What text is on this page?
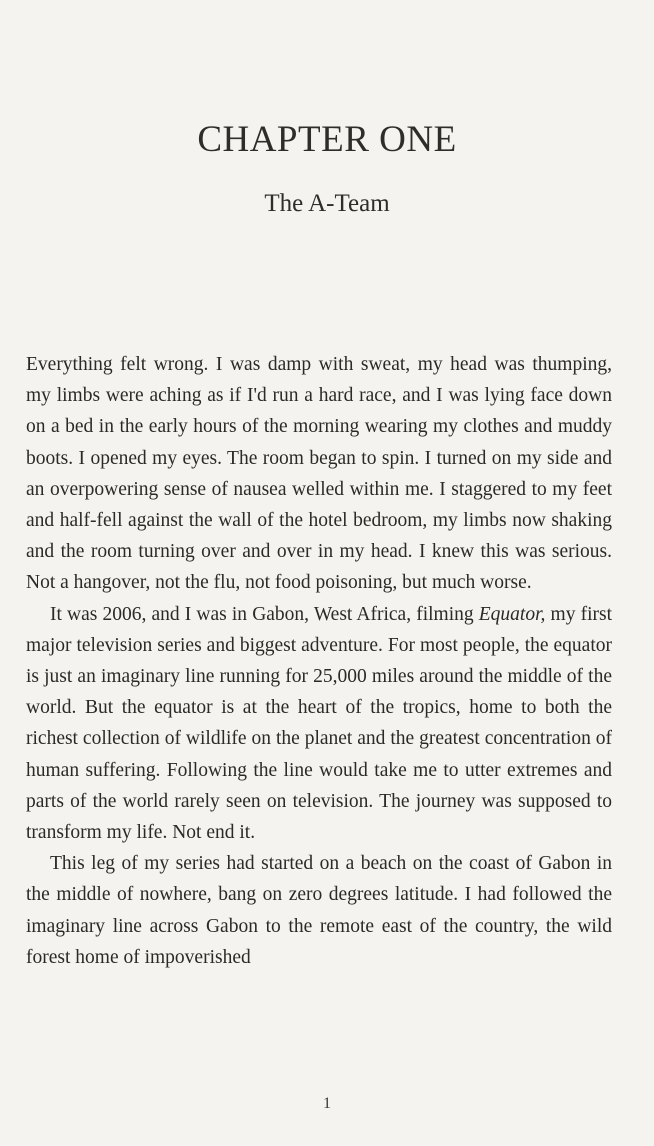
CHAPTER ONE
The A-Team

Everything felt wrong. I was damp with sweat, my head was thumping, my limbs were aching as if I'd run a hard race, and I was lying face down on a bed in the early hours of the morning wearing my clothes and muddy boots. I opened my eyes. The room began to spin. I turned on my side and an overpowering sense of nausea welled within me. I staggered to my feet and half-fell against the wall of the hotel bedroom, my limbs now shaking and the room turning over and over in my head. I knew this was serious. Not a hangover, not the flu, not food poisoning, but much worse.

It was 2006, and I was in Gabon, West Africa, filming Equator, my first major television series and biggest adventure. For most people, the equator is just an imaginary line running for 25,000 miles around the middle of the world. But the equator is at the heart of the tropics, home to both the richest collection of wildlife on the planet and the greatest concentration of human suffering. Following the line would take me to utter extremes and parts of the world rarely seen on television. The journey was supposed to transform my life. Not end it.

This leg of my series had started on a beach on the coast of Gabon in the middle of nowhere, bang on zero degrees latitude. I had followed the imaginary line across Gabon to the remote east of the country, the wild forest home of impoverished

1
